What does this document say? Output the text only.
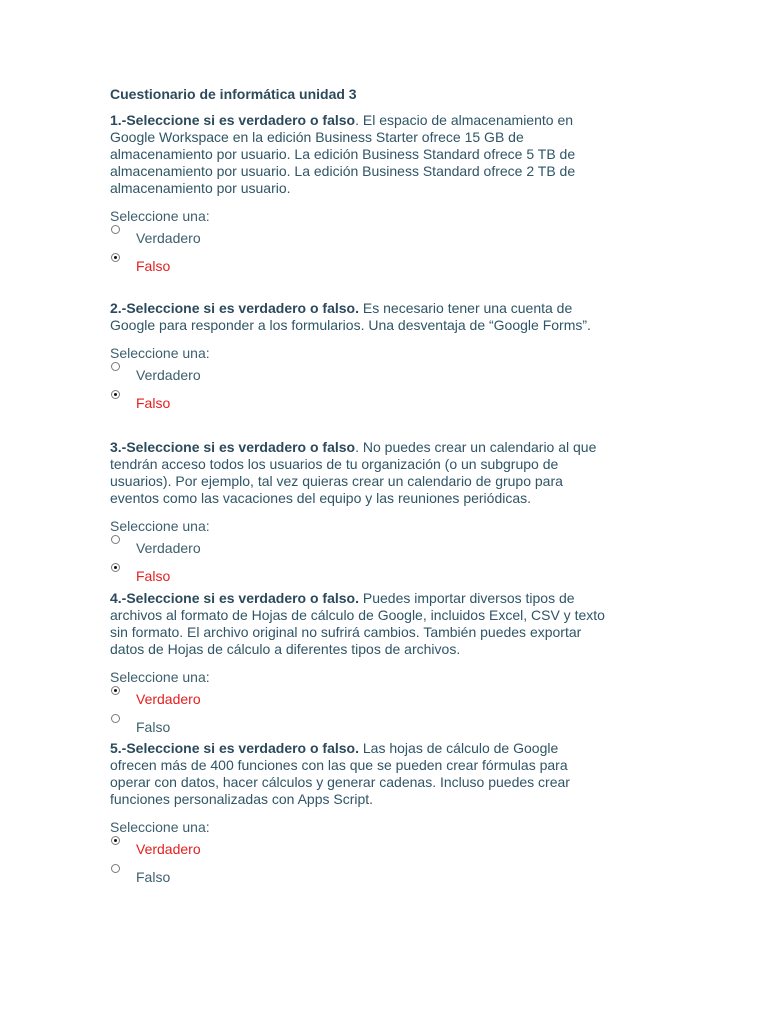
Cuestionario de informática unidad 3

1.-Seleccione si es verdadero o falso. El espacio de almacenamiento en
Google Workspace en la edición Business Starter ofrece 15 GB de
almacenamiento por usuario. La edición Business Standard ofrece 5 TB de
almacenamiento por usuario. La edición Business Standard ofrece 2 TB de
almacenamiento por usuario.

Seleccione una:
Verdadero
Falso

2.-Seleccione si es verdadero o falso. Es necesario tener una cuenta de
Google para responder a los formularios. Una desventaja de “Google Forms”.

Seleccione una:
Verdadero
Falso

3.-Seleccione si es verdadero o falso. No puedes crear un calendario al que
tendrán acceso todos los usuarios de tu organización (o un subgrupo de
usuarios). Por ejemplo, tal vez quieras crear un calendario de grupo para
eventos como las vacaciones del equipo y las reuniones periódicas.

Seleccione una:
Verdadero
Falso

4.-Seleccione si es verdadero o falso. Puedes importar diversos tipos de
archivos al formato de Hojas de cálculo de Google, incluidos Excel, CSV y texto
sin formato. El archivo original no sufrirá cambios. También puedes exportar
datos de Hojas de cálculo a diferentes tipos de archivos.

Seleccione una:
Verdadero
Falso

5.-Seleccione si es verdadero o falso. Las hojas de cálculo de Google
ofrecen más de 400 funciones con las que se pueden crear fórmulas para
operar con datos, hacer cálculos y generar cadenas. Incluso puedes crear
funciones personalizadas con Apps Script.

Seleccione una:
Verdadero
Falso
